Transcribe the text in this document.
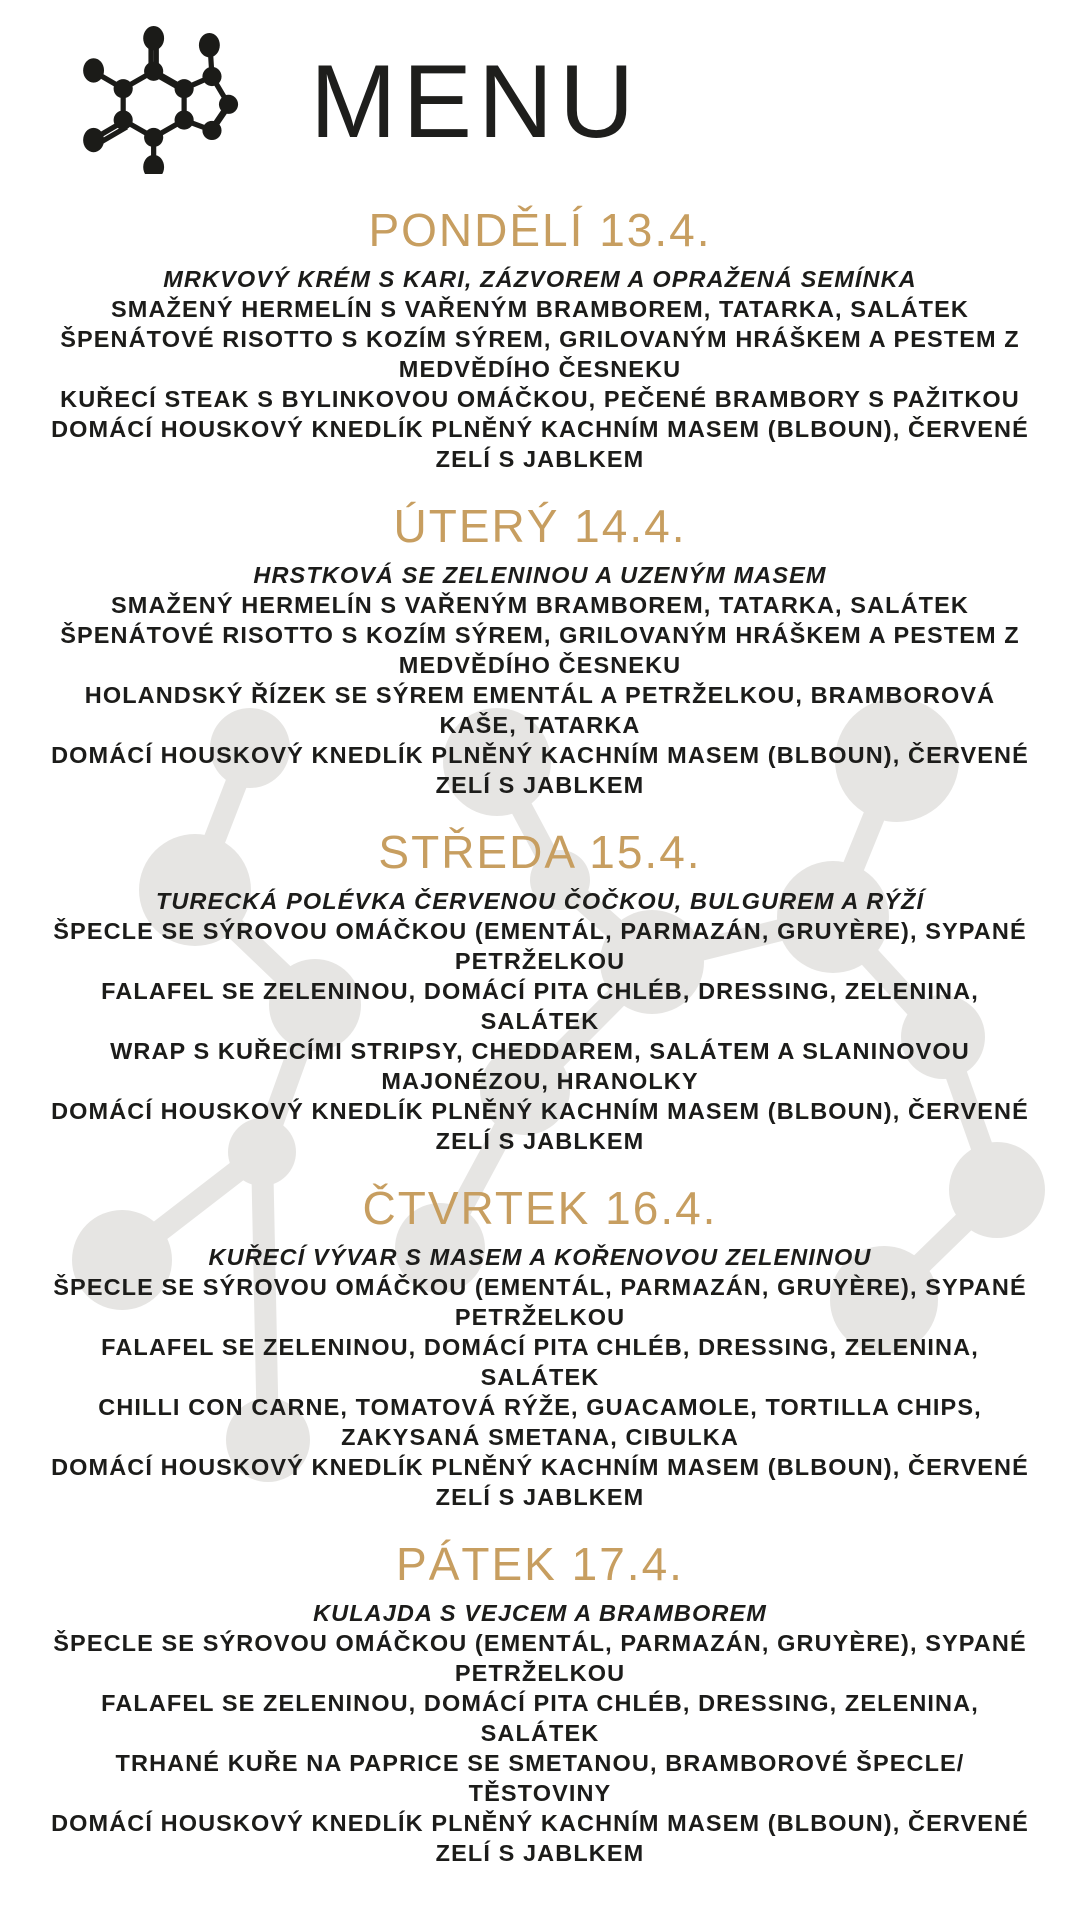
MENU
PONDĚLÍ 13.4.

MRKVOVÝ KRÉM S KARI, ZÁZVOREM A OPRAŽENÁ SEMÍNKA

SMAŽENÝ HERMELÍN S VAŘENÝM BRAMBOREM, TATARKA, SALÁTEK

ŠPENÁTOVÉ RISOTTO S KOZÍM SÝREM, GRILOVANÝM HRÁŠKEM A PESTEM Z MEDVĚDÍHO ČESNEKU

KUŘECÍ STEAK S BYLINKOVOU OMÁČKOU, PEČENÉ BRAMBORY S PAŽITKOU

DOMÁCÍ HOUSKOVÝ KNEDLÍK PLNĚNÝ KACHNÍM MASEM (BLBOUN), ČERVENÉ ZELÍ S JABLKEM

ÚTERÝ 14.4.

HRSTKOVÁ SE ZELENINOU A UZENÝM MASEM

SMAŽENÝ HERMELÍN S VAŘENÝM BRAMBOREM, TATARKA, SALÁTEK

ŠPENÁTOVÉ RISOTTO S KOZÍM SÝREM, GRILOVANÝM HRÁŠKEM A PESTEM Z MEDVĚDÍHO ČESNEKU

HOLANDSKÝ ŘÍZEK SE SÝREM EMENTÁL A PETRŽELKOU, BRAMBOROVÁ KAŠE, TATARKA

DOMÁCÍ HOUSKOVÝ KNEDLÍK PLNĚNÝ KACHNÍM MASEM (BLBOUN), ČERVENÉ ZELÍ S JABLKEM

STŘEDA 15.4.

TURECKÁ POLÉVKA ČERVENOU ČOČKOU, BULGUREM A RÝŽÍ

ŠPECLE SE SÝROVOU OMÁČKOU (EMENTÁL, PARMAZÁN, GRUYÈRE), SYPANÉ PETRŽELKOU

FALAFEL SE ZELENINOU, DOMÁCÍ PITA CHLÉB, DRESSING, ZELENINA, SALÁTEK

WRAP S KUŘECÍMI STRIPSY, CHEDDAREM, SALÁTEM A SLANINOVOU MAJONÉZOU, HRANOLKY

DOMÁCÍ HOUSKOVÝ KNEDLÍK PLNĚNÝ KACHNÍM MASEM (BLBOUN), ČERVENÉ ZELÍ S JABLKEM

ČTVRTEK 16.4.

KUŘECÍ VÝVAR S MASEM A KOŘENOVOU ZELENINOU

ŠPECLE SE SÝROVOU OMÁČKOU (EMENTÁL, PARMAZÁN, GRUYÈRE), SYPANÉ PETRŽELKOU

FALAFEL SE ZELENINOU, DOMÁCÍ PITA CHLÉB, DRESSING, ZELENINA, SALÁTEK

CHILLI CON CARNE, TOMATOVÁ RÝŽE, GUACAMOLE, TORTILLA CHIPS, ZAKYSANÁ SMETANA, CIBULKA

DOMÁCÍ HOUSKOVÝ KNEDLÍK PLNĚNÝ KACHNÍM MASEM (BLBOUN), ČERVENÉ ZELÍ S JABLKEM

PÁTEK 17.4.

KULAJDA S VEJCEM A BRAMBOREM

ŠPECLE SE SÝROVOU OMÁČKOU (EMENTÁL, PARMAZÁN, GRUYÈRE), SYPANÉ PETRŽELKOU

FALAFEL SE ZELENINOU, DOMÁCÍ PITA CHLÉB, DRESSING, ZELENINA, SALÁTEK

TRHANÉ KUŘE NA PAPRICE SE SMETANOU, BRAMBOROVÉ ŠPECLE/ TĚSTOVINY

DOMÁCÍ HOUSKOVÝ KNEDLÍK PLNĚNÝ KACHNÍM MASEM (BLBOUN), ČERVENÉ ZELÍ S JABLKEM
